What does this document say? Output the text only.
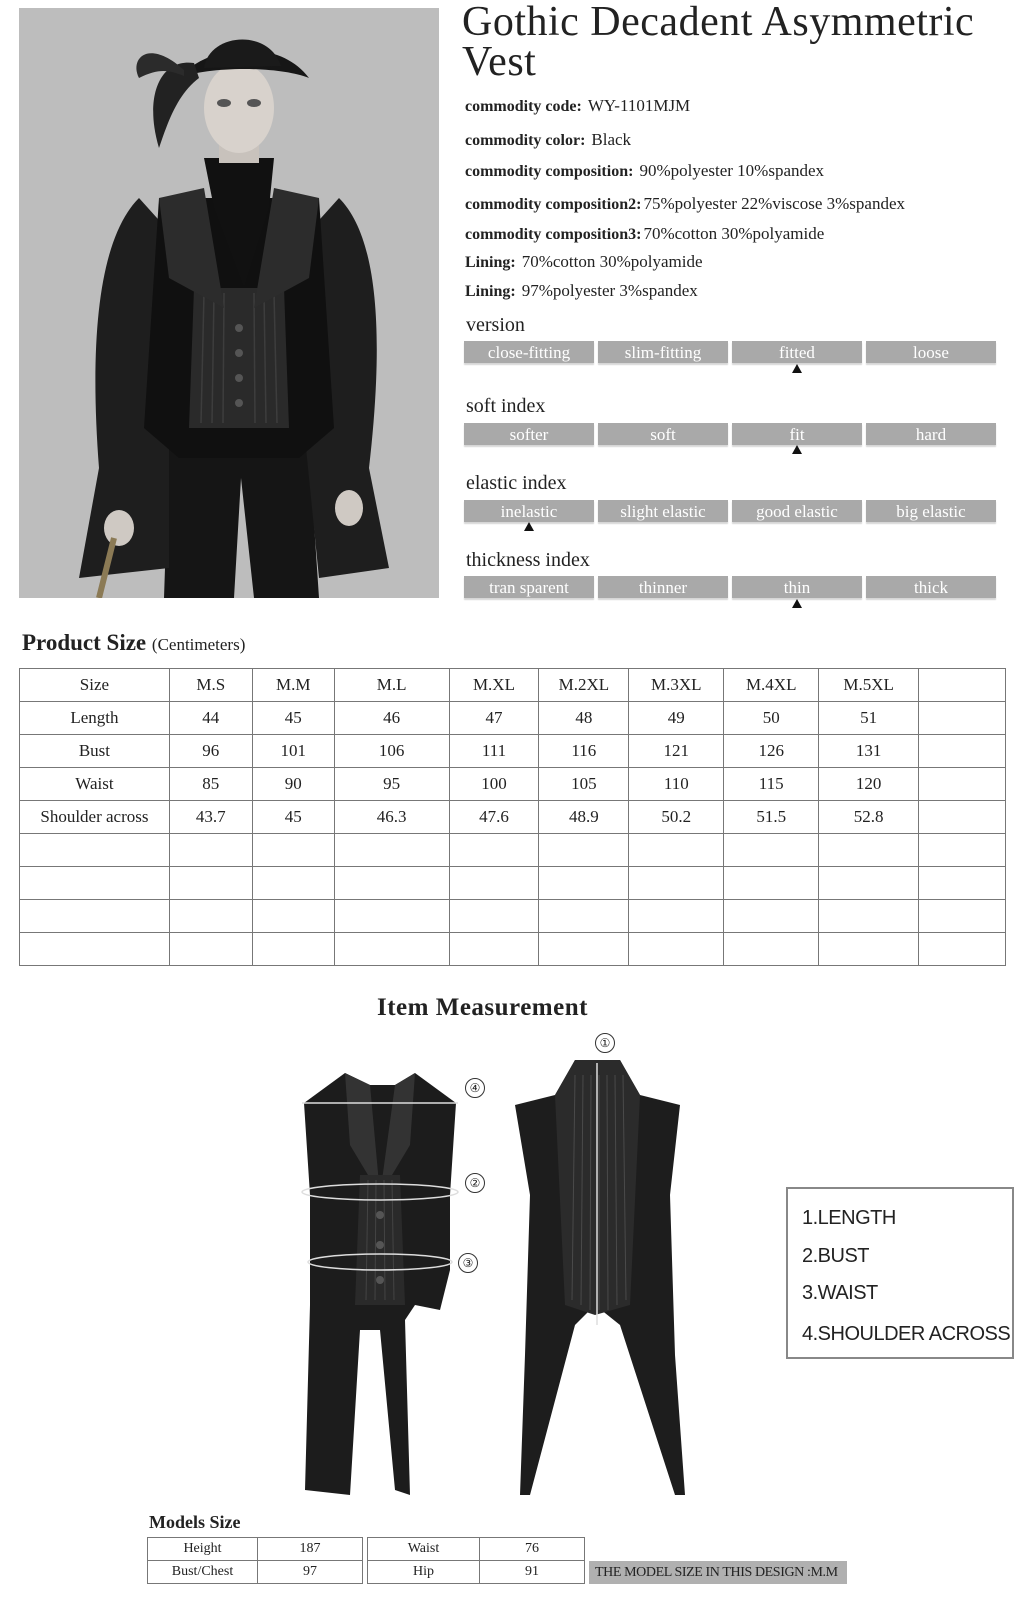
Gothic Decadent Asymmetric Vest
commodity code: WY-1101MJM
commodity color: Black
commodity composition: 90%polyester 10%spandex
commodity composition2: 75%polyester 22%viscose 3%spandex
commodity composition3: 70%cotton 30%polyamide
Lining: 70%cotton 30%polyamide
Lining: 97%polyester 3%spandex
version
close-fitting	slim-fitting	fitted	loose
soft index
softer	soft	fit	hard
elastic index
inelastic	slight elastic	good elastic	big elastic
thickness index
tran sparent	thinner	thin	thick
Product Size (Centimeters)
Size	M.S	M.M	M.L	M.XL	M.2XL	M.3XL	M.4XL	M.5XL	
Length	44	45	46	47	48	49	50	51	
Bust	96	101	106	111	116	121	126	131	
Waist	85	90	95	100	105	110	115	120	
Shoulder across	43.7	45	46.3	47.6	48.9	50.2	51.5	52.8	

Item Measurement
④
②
③
①
1.LENGTH
2.BUST
3.WAIST
4.SHOULDER ACROSS
Models Size
Height	187
Bust/Chest	97
Waist	76
Hip	91	THE MODEL SIZE IN THIS DESIGN :M.M
